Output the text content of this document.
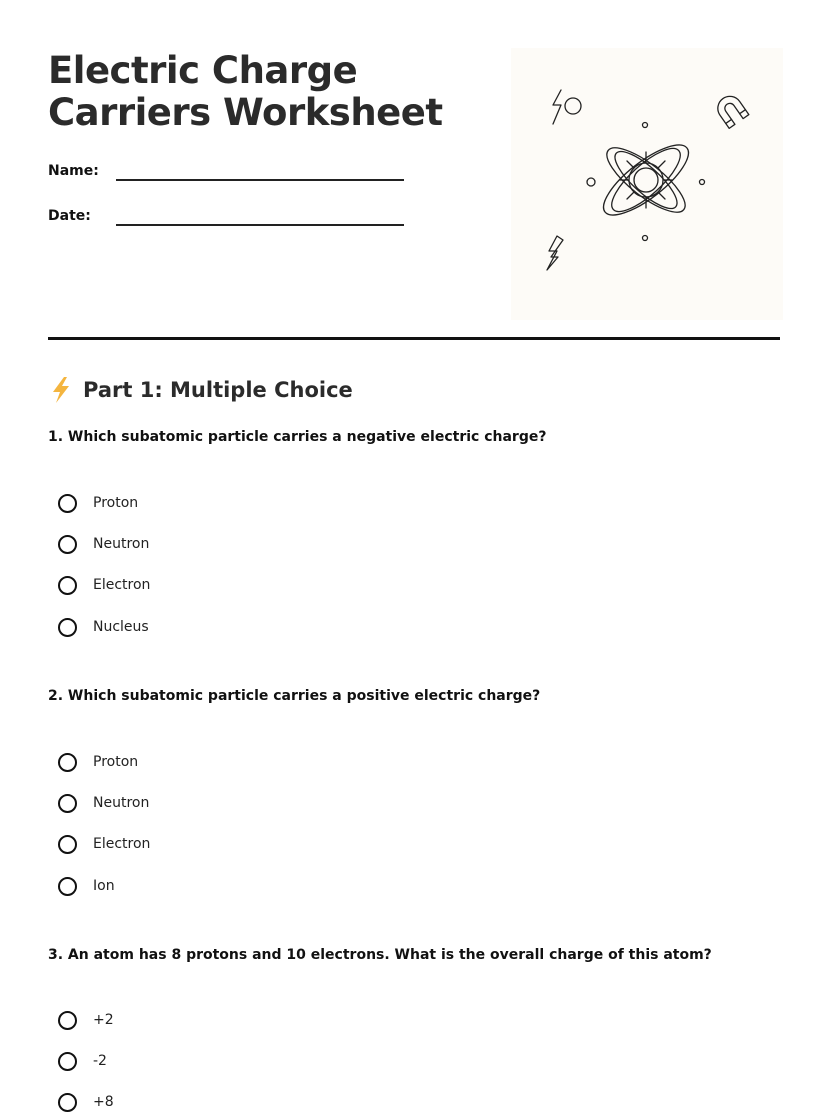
Electric Charge Carriers Worksheet
Name:
Date:
Part 1: Multiple Choice
1. Which subatomic particle carries a negative electric charge?
Proton
Neutron
Electron
Nucleus
2. Which subatomic particle carries a positive electric charge?
Proton
Neutron
Electron
Ion
3. An atom has 8 protons and 10 electrons. What is the overall charge of this atom?
+2
-2
+8
